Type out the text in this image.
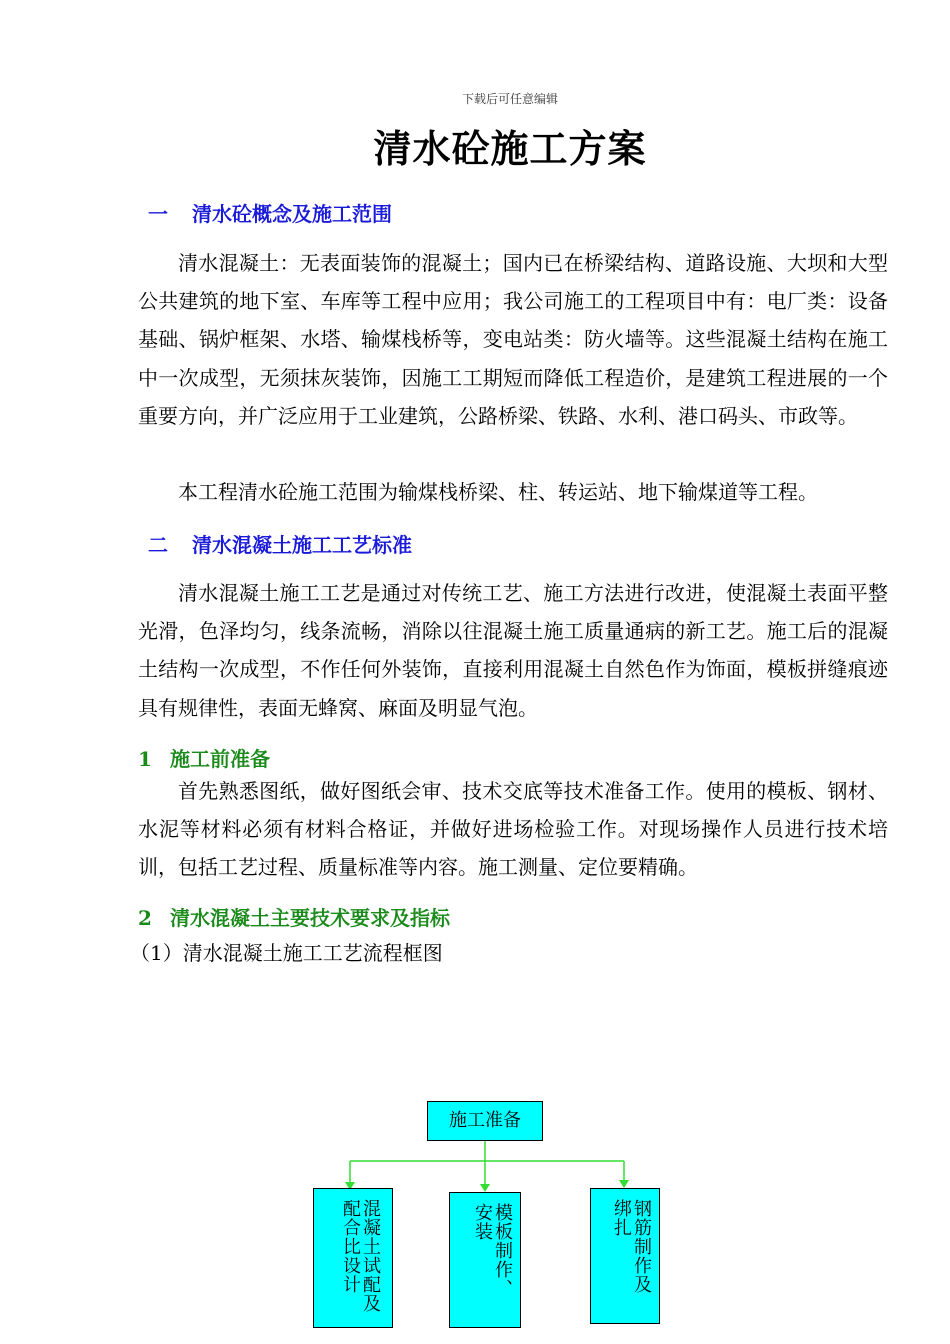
下载后可任意编辑
清水砼施工方案
一 清水砼概念及施工范围

清水混凝土：无表面装饰的混凝土；国内已在桥梁结构、道路设施、大坝和大型公共建筑的地下室、车库等工程中应用；我公司施工的工程项目中有：电厂类：设备基础、锅炉框架、水塔、输煤栈桥等，变电站类：防火墙等。这些混凝土结构在施工中一次成型，无须抹灰装饰，因施工工期短而降低工程造价，是建筑工程进展的一个重要方向，并广泛应用于工业建筑，公路桥梁、铁路、水利、港口码头、市政等。

本工程清水砼施工范围为输煤栈桥梁、柱、转运站、地下输煤道等工程。

二 清水混凝土施工工艺标准

清水混凝土施工工艺是通过对传统工艺、施工方法进行改进，使混凝土表面平整光滑，色泽均匀，线条流畅，消除以往混凝土施工质量通病的新工艺。施工后的混凝土结构一次成型，不作任何外装饰，直接利用混凝土自然色作为饰面，模板拼缝痕迹具有规律性，表面无蜂窝、麻面及明显气泡。

1 施工前准备

首先熟悉图纸，做好图纸会审、技术交底等技术准备工作。使用的模板、钢材、水泥等材料必须有材料合格证，并做好进场检验工作。对现场操作人员进行技术培训，包括工艺过程、质量标准等内容。施工测量、定位要精确。

2 清水混凝土主要技术要求及指标
（1）清水混凝土施工工艺流程框图
施工准备
混凝土试配及配合比设计	模板制作、安装	钢筋制作及绑扎
